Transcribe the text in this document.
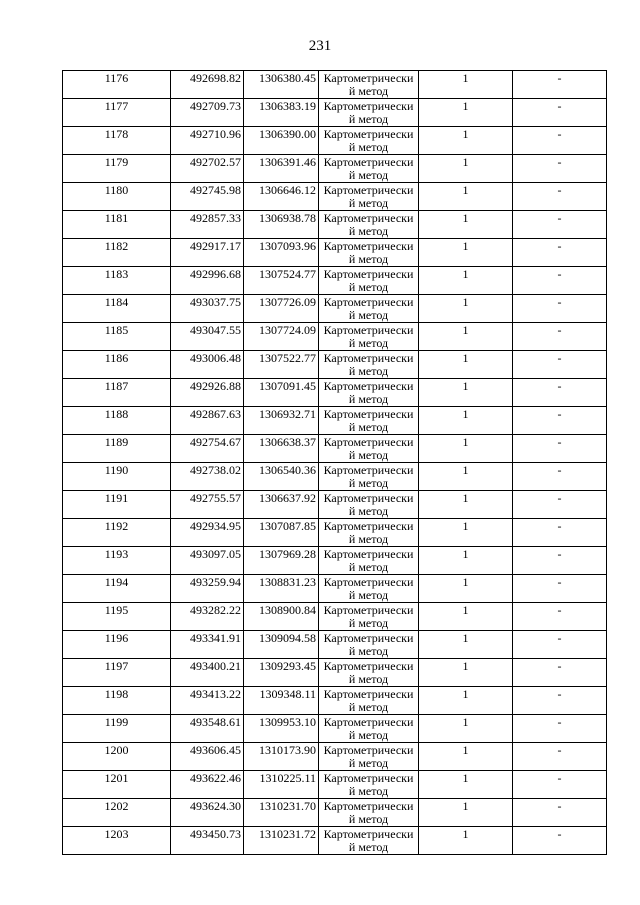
231
1176	492698.82	1306380.45	Картометрически й метод	1	-

1177	492709.73	1306383.19	Картометрически й метод	1	-

1178	492710.96	1306390.00	Картометрически й метод	1	-

1179	492702.57	1306391.46	Картометрически й метод	1	-

1180	492745.98	1306646.12	Картометрически й метод	1	-

1181	492857.33	1306938.78	Картометрически й метод	1	-

1182	492917.17	1307093.96	Картометрически й метод	1	-

1183	492996.68	1307524.77	Картометрически й метод	1	-

1184	493037.75	1307726.09	Картометрически й метод	1	-

1185	493047.55	1307724.09	Картометрически й метод	1	-

1186	493006.48	1307522.77	Картометрически й метод	1	-

1187	492926.88	1307091.45	Картометрически й метод	1	-

1188	492867.63	1306932.71	Картометрически й метод	1	-

1189	492754.67	1306638.37	Картометрически й метод	1	-

1190	492738.02	1306540.36	Картометрически й метод	1	-

1191	492755.57	1306637.92	Картометрически й метод	1	-

1192	492934.95	1307087.85	Картометрически й метод	1	-

1193	493097.05	1307969.28	Картометрически й метод	1	-

1194	493259.94	1308831.23	Картометрически й метод	1	-

1195	493282.22	1308900.84	Картометрически й метод	1	-

1196	493341.91	1309094.58	Картометрически й метод	1	-

1197	493400.21	1309293.45	Картометрически й метод	1	-

1198	493413.22	1309348.11	Картометрически й метод	1	-

1199	493548.61	1309953.10	Картометрически й метод	1	-

1200	493606.45	1310173.90	Картометрически й метод	1	-

1201	493622.46	1310225.11	Картометрически й метод	1	-

1202	493624.30	1310231.70	Картометрически й метод	1	-

1203	493450.73	1310231.72	Картометрически й метод	1	-
